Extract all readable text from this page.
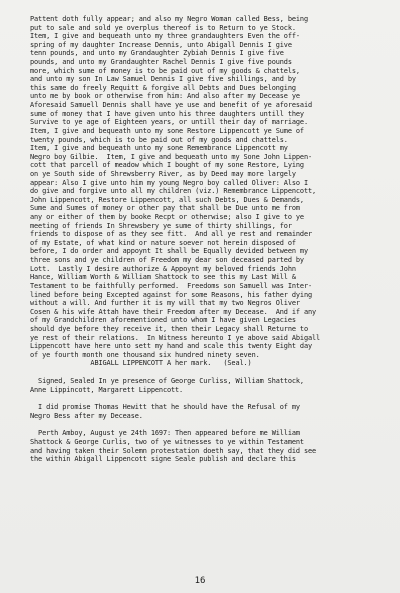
Pattent doth fully appear; and also my Negro Woman called Bess, being
put to sale and sold ye overplus thereof is to Return to ye Stock.
Item, I give and bequeath unto my three grandaughters Even the off-
spring of my daughter Increase Dennis, unto Abigall Dennis I give
tenn pounds, and unto my Grandaughter Zybiah Dennis I give five
pounds, and unto my Grandaughter Rachel Dennis I give five pounds
more, which sume of money is to be paid out of my goods & chattels,
and unto my son In Law Samuel Dennis I give five shillings, and by
this same do freely Requitt & forgive all Debts and Dues belonging
unto me by book or otherwise from him: And also after my Decease ye
Aforesaid Samuell Dennis shall have ye use and benefit of ye aforesaid
sume of money that I have given unto his three daughters untill they
Survive to ye age of Eighteen years, or untill their day of marriage.
Item, I give and bequeath unto my sone Restore Lippencott ye Sume of
twenty pounds, which is to be paid out of my goods and chattels.
Item, I give and bequeath unto my sone Remembrance Lippencott my
Negro boy Gilbie.  Item, I give and bequeath unto my Sone John Lippen-
cott that parcell of meadow which I bought of my sone Restore, Lying
on ye South side of Shrewsberry River, as by Deed may more largely
appear: Also I give unto him my young Negro boy called Oliver: Also I
do give and forgive unto all my children (viz.) Remembrance Lippencott,
John Lippencott, Restore Lippencott, all such Debts, Dues & Demands,
Sume and Sumes of money or other pay that shall be Due unto me from
any or either of them by booke Recpt or otherwise; also I give to ye
meeting of friends In Shrewsbery ye sume of thirty shillings, for
friends to dispose of as they see fitt.  And all ye rest and remainder
of my Estate, of what kind or nature soever not herein disposed of
before, I do order and appoynt It shall be Equally devided between my
three sons and ye children of Freedom my dear son deceased parted by
Lott.  Lastly I desire authorize & Appoynt my beloved friends John
Hance, William Worth & William Shattock to see this my Last Will &
Testament to be faithfully performed.  Freedoms son Samuell was Inter-
lined before being Excepted against for some Reasons, his father dying
without a will. And further it is my will that my two Negros Oliver
Cosen & his wife Attah have their Freedom after my Decease.  And if any
of my Grandchildren aforementioned unto whom I have given Legacies
should dye before they receive it, then their Legacy shall Returne to
ye rest of their relations.  In Witness hereunto I ye above said Abigall
Lippencott have here unto sett my hand and scale this twenty Eight day
of ye fourth month one thousand six hundred ninety seven.
ABIGALL LIPPENCOTT A her mark.   (Seal.)
Signed, Sealed In ye presence of George Curliss, William Shattock,
Anne Lippincott, Margarett Lippencott.
I did promise Thomas Hewitt that he should have the Refusal of my
Negro Bess after my Decease.
Perth Amboy, August ye 24th 1697: Then appeared before me William
Shattock & George Curlis, two of ye witnesses to ye within Testament
and having taken their Solemn protestation doeth say, that they did see
the within Abigall Lippencott signe Seale publish and declare this
16
